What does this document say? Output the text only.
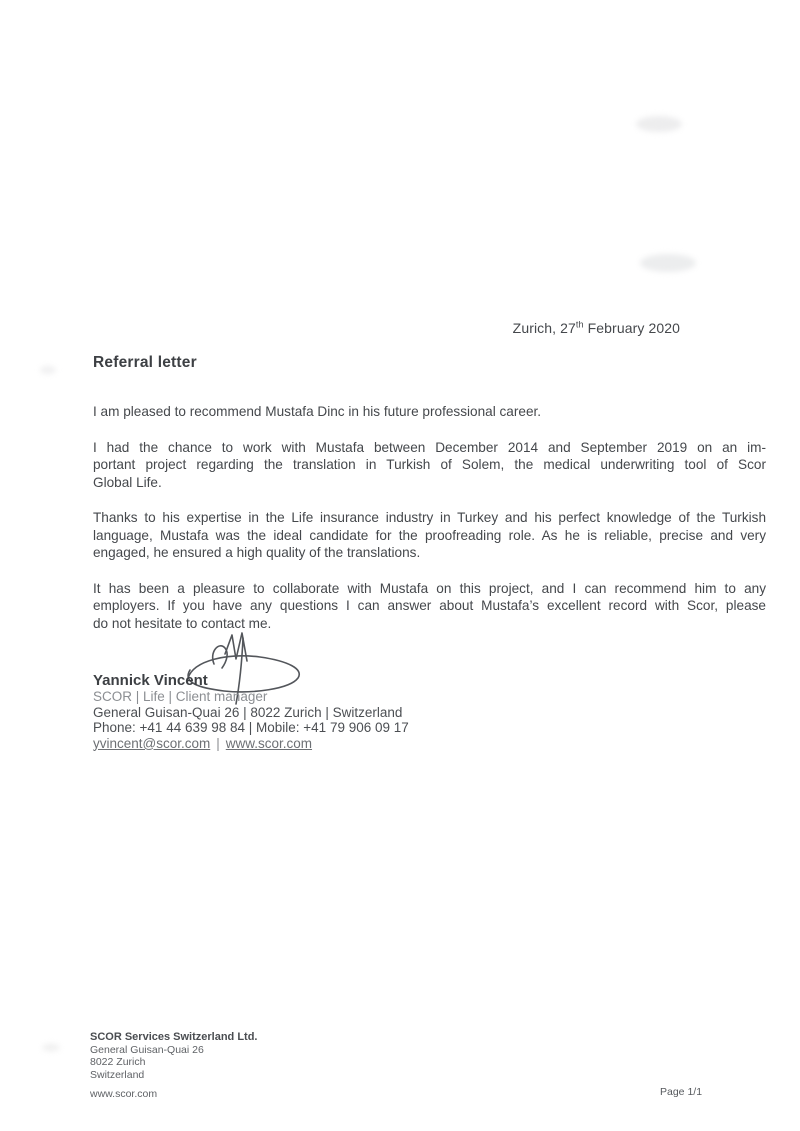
Zurich, 27th February 2020
Referral letter

I am pleased to recommend Mustafa Dinc in his future professional career.

I had the chance to work with Mustafa between December 2014 and September 2019 on an im-
portant project regarding the translation in Turkish of Solem, the medical underwriting tool of Scor
Global Life.

Thanks to his expertise in the Life insurance industry in Turkey and his perfect knowledge of the Turkish
language, Mustafa was the ideal candidate for the proofreading role. As he is reliable, precise and very
engaged, he ensured a high quality of the translations.

It has been a pleasure to collaborate with Mustafa on this project, and I can recommend him to any
employers. If you have any questions I can answer about Mustafa’s excellent record with Scor, please
do not hesitate to contact me.

Yannick Vincent
SCOR | Life | Client manager
General Guisan-Quai 26 | 8022 Zurich | Switzerland
Phone: +41 44 639 98 84 | Mobile: +41 79 906 09 17
yvincent@scor.com | www.scor.com
SCOR Services Switzerland Ltd.
General Guisan-Quai 26
8022 Zurich
Switzerland
www.scor.com	Page 1/1
